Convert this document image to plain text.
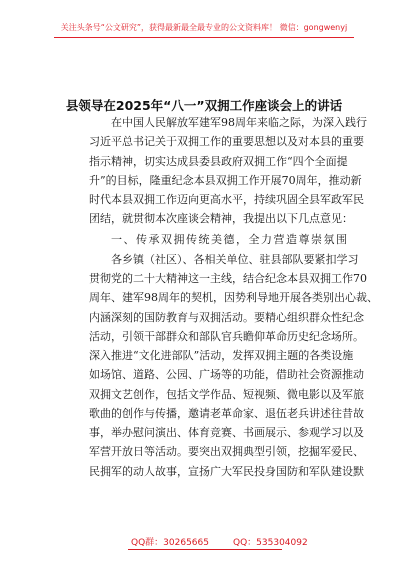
关注头条号“公文研究”，获得最新最全最专业的公文资料库！ 微信：gongwenyj
县领导在2025年“八一”双拥工作座谈会上的讲话
在中国人民解放军建军98周年来临之际，为深入践行
习近平总书记关于双拥工作的重要思想以及对本县的重要
指示精神，切实达成县委县政府双拥工作“四个全面提
升”的目标，隆重纪念本县双拥工作开展70周年，推动新
时代本县双拥工作迈向更高水平，持续巩固全县军政军民
团结，就贯彻本次座谈会精神，我提出以下几点意见：
一、传承双拥传统美德，全力营造尊崇氛围
各乡镇（社区）、各相关单位、驻县部队要紧扣学习
贯彻党的二十大精神这一主线，结合纪念本县双拥工作70
周年、建军98周年的契机，因势利导地开展各类别出心裁、
内涵深刻的国防教育与双拥活动。要精心组织群众性纪念
活动，引领干部群众和部队官兵瞻仰革命历史纪念场所。
深入推进“文化进部队”活动，发挥双拥主题的各类设施
如场馆、道路、公园、广场等的功能，借助社会资源推动
双拥文艺创作，包括文学作品、短视频、微电影以及军旅
歌曲的创作与传播，邀请老革命家、退伍老兵讲述往昔故
事，举办慰问演出、体育竞赛、书画展示、参观学习以及
军营开放日等活动。要突出双拥典型引领，挖掘军爱民、
民拥军的动人故事，宣扬广大军民投身国防和军队建设默
QQ群：30265665	QQ：535304092
